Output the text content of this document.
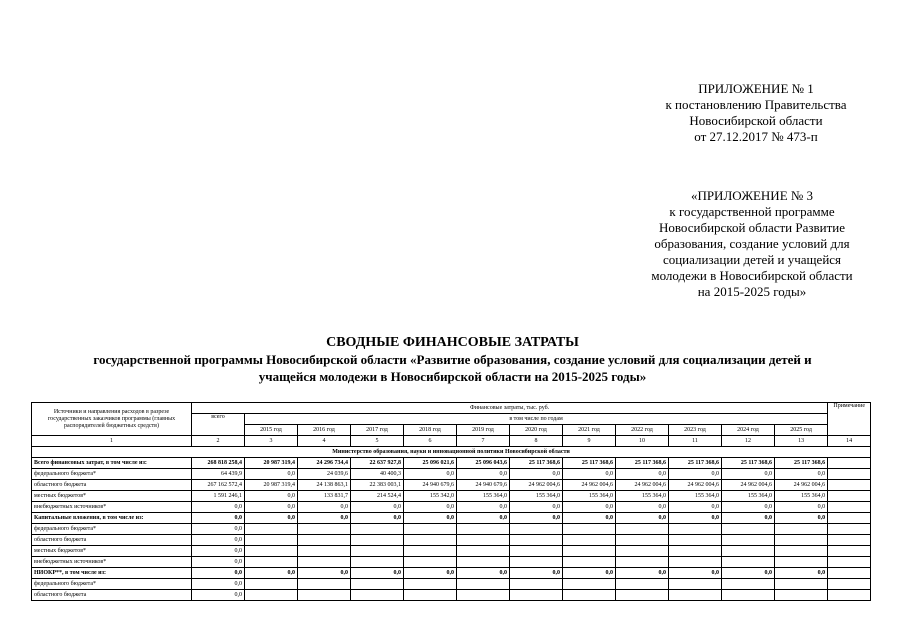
ПРИЛОЖЕНИЕ № 1
к постановлению Правительства
Новосибирской области
от 27.12.2017 № 473-п
«ПРИЛОЖЕНИЕ № 3
к государственной программе
Новосибирской области Развитие
образования, создание условий для
социализации детей и учащейся
молодежи в Новосибирской области
на 2015-2025 годы»
СВОДНЫЕ ФИНАНСОВЫЕ ЗАТРАТЫ
государственной программы Новосибирской области «Развитие образования, создание условий для социализации детей и
учащейся молодежи в Новосибирской области на 2015-2025 годы»
Источники и направления расходов в разрезе государственных заказчиков программы (главных распорядителей бюджетных средств)	Финансовые затраты, тыс. руб.												Примечание
	всего	в том числе по годам											
		2015 год	2016 год	2017 год	2018 год	2019 год	2020 год	2021 год	2022 год	2023 год	2024 год	2025 год	
1	2	3	4	5	6	7	8	9	10	11	12	13	14
Министерство образования, науки и инновационной политики Новосибирской области													
Всего финансовых затрат, в том числе из:	268 818 258,4	20 987 319,4	24 296 734,4	22 637 927,8	25 096 021,6	25 096 043,6	25 117 368,6	25 117 368,6	25 117 368,6	25 117 368,6	25 117 368,6	25 117 368,6	
федерального бюджета*	64 439,9	0,0	24 039,6	40 400,3	0,0	0,0	0,0	0,0	0,0	0,0	0,0	0,0	
областного бюджета	267 162 572,4	20 987 319,4	24 138 863,1	22 383 003,1	24 940 679,6	24 940 679,6	24 962 004,6	24 962 004,6	24 962 004,6	24 962 004,6	24 962 004,6	24 962 004,6	
местных бюджетов*	1 591 246,1	0,0	133 831,7	214 524,4	155 342,0	155 364,0	155 364,0	155 364,0	155 364,0	155 364,0	155 364,0	155 364,0	
внебюджетных источников*	0,0	0,0	0,0	0,0	0,0	0,0	0,0	0,0	0,0	0,0	0,0	0,0	
Капитальные вложения, в том числе из:	0,0	0,0	0,0	0,0	0,0	0,0	0,0	0,0	0,0	0,0	0,0	0,0	
федерального бюджета*	0,0												
областного бюджета	0,0												
местных бюджетов*	0,0												
внебюджетных источников*	0,0												
НИОКР**, в том числе из:	0,0	0,0	0,0	0,0	0,0	0,0	0,0	0,0	0,0	0,0	0,0	0,0	
федерального бюджета*	0,0												
областного бюджета	0,0												
